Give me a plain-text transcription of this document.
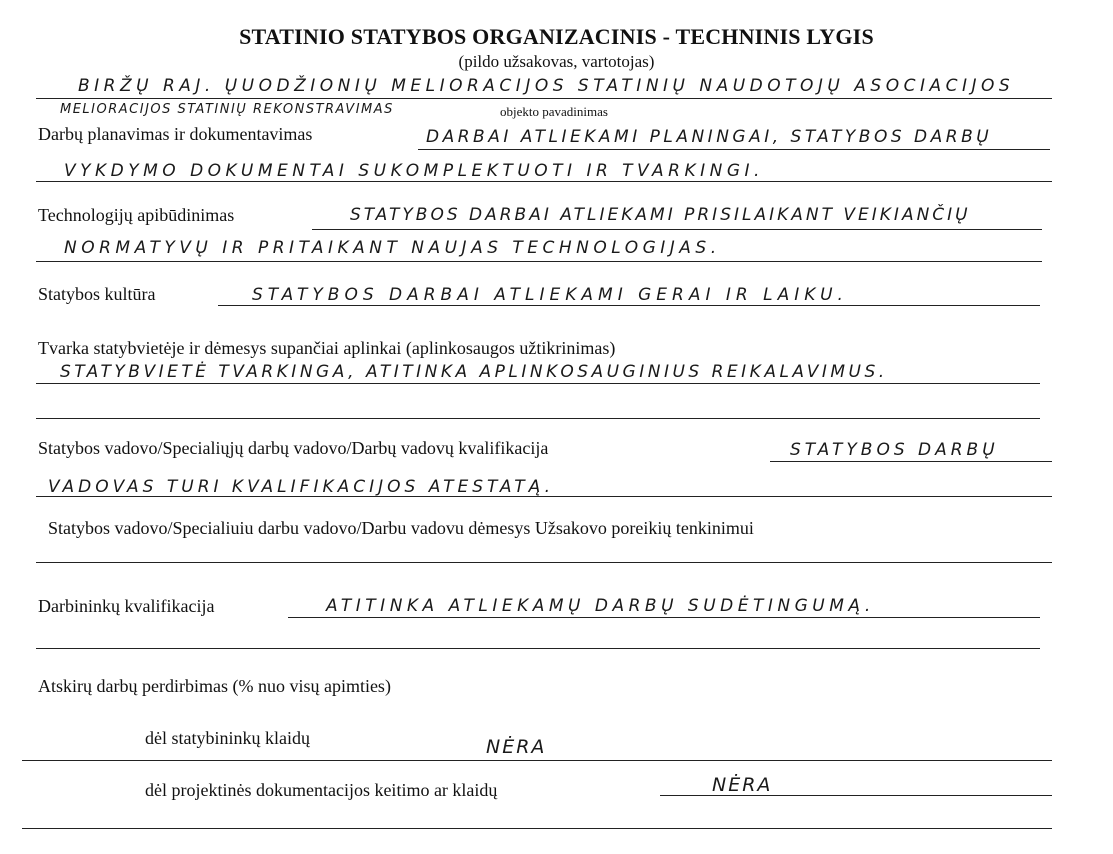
STATINIO STATYBOS ORGANIZACINIS - TECHNINIS LYGIS
(pildo užsakovas, vartotojas)
BIRŽŲ RAJ. ŲUODŽIONIŲ MELIORACIJOS STATINIŲ NAUDOTOJŲ ASOCIACIJOS
MELIORACIJOS STATINIŲ REKONSTRAVIMAS	objekto pavadinimas
Darbų planavimas ir dokumentavimas	DARBAI ATLIEKAMI PLANINGAI, STATYBOS DARBŲ
VYKDYMO DOKUMENTAI SUKOMPLEKTUOTI IR TVARKINGI.
Technologijų apibūdinimas	STATYBOS DARBAI ATLIEKAMI PRISILAIKANT VEIKIANČIŲ
NORMATYVŲ IR PRITAIKANT NAUJAS TECHNOLOGIJAS.
Statybos kultūra	STATYBOS DARBAI ATLIEKAMI GERAI IR LAIKU.
Tvarka statybvietėje ir dėmesys supančiai aplinkai (aplinkosaugos užtikrinimas)
STATYBVIETĖ TVARKINGA, ATITINKA APLINKOSAUGINIUS REIKALAVIMUS.
Statybos vadovo/Specialiųjų darbų vadovo/Darbų vadovų kvalifikacija	STATYBOS DARBŲ
VADOVAS TURI KVALIFIKACIJOS ATESTATĄ.
Statybos vadovo/Specialiuiu darbu vadovo/Darbu vadovu dėmesys Užsakovo poreikių tenkinimui
Darbininkų kvalifikacija	ATITINKA ATLIEKAMŲ DARBŲ SUDĖTINGUMĄ.
Atskirų darbų perdirbimas (% nuo visų apimties)
dėl statybininkų klaidų	NĖRA
dėl projektinės dokumentacijos keitimo ar klaidų	NĖRA
